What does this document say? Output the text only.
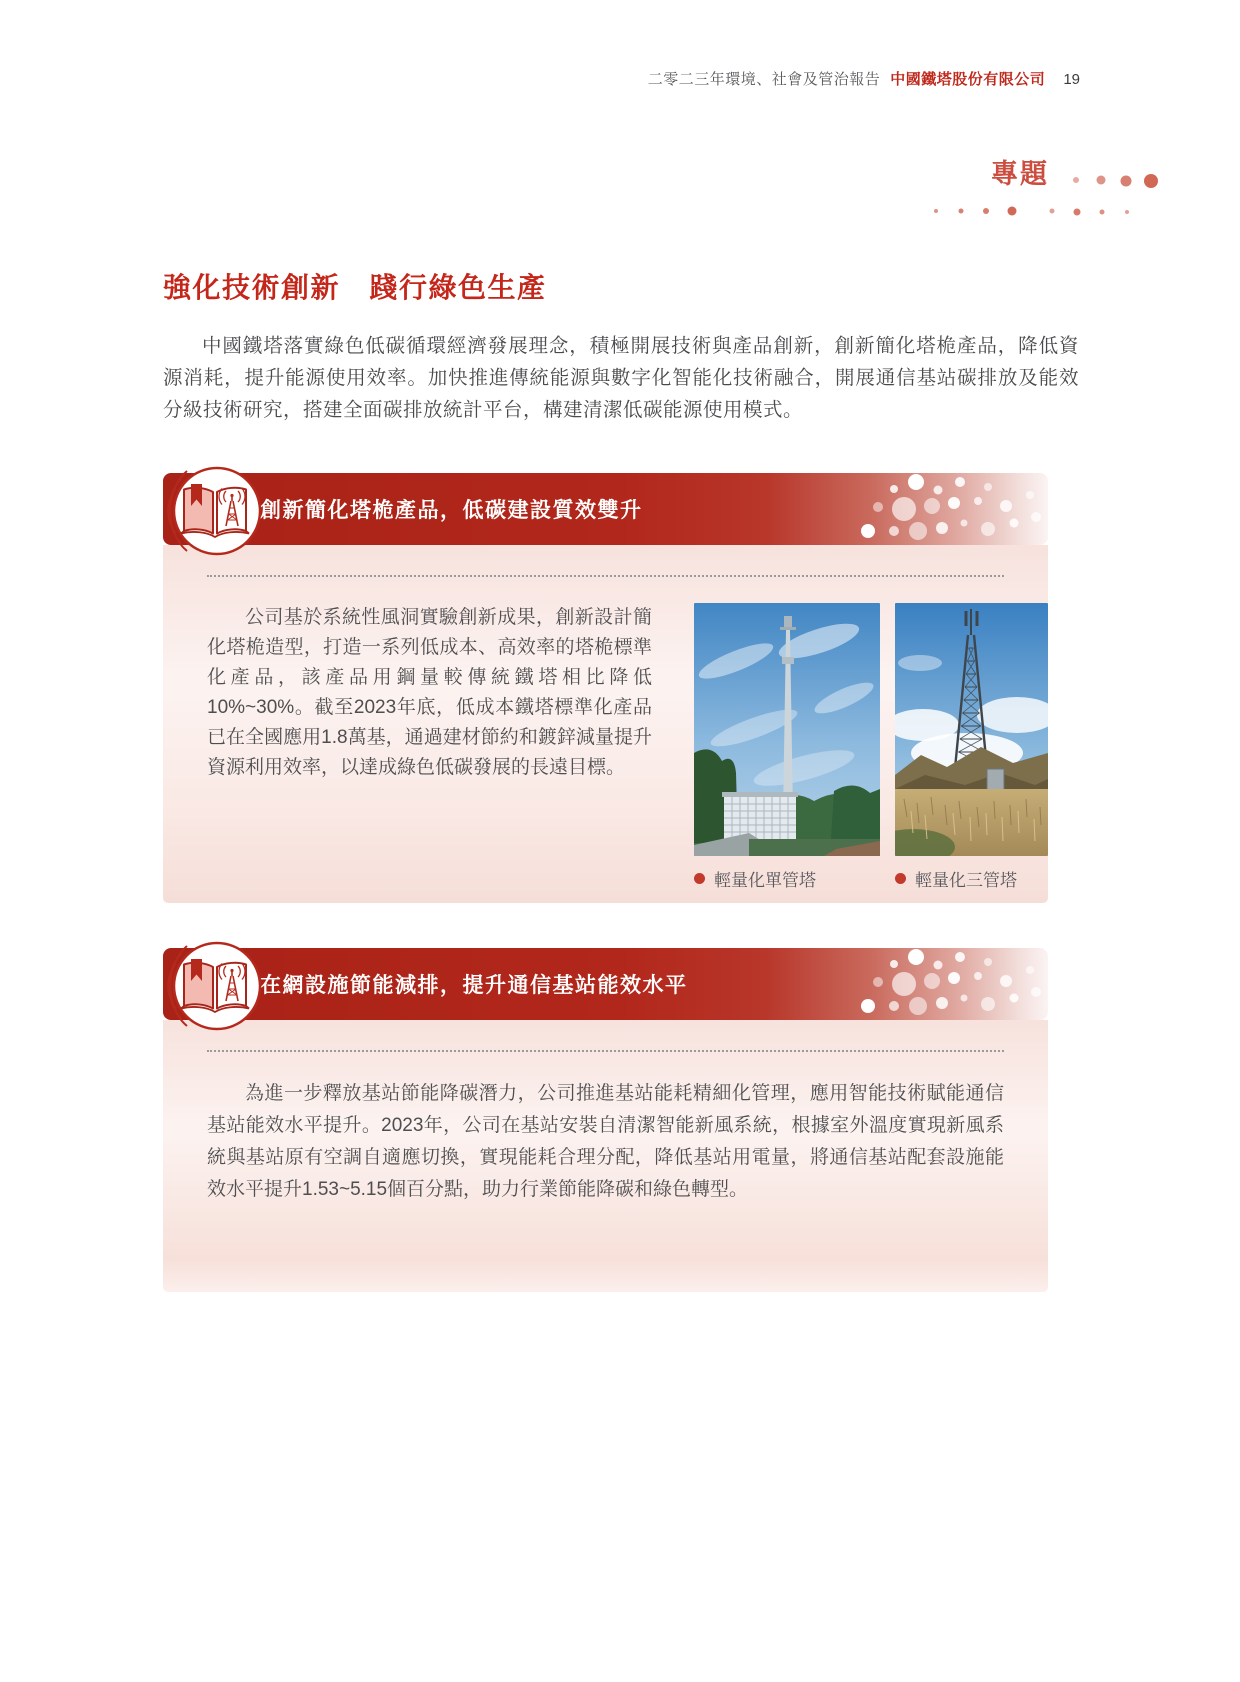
二零二三年環境、社會及管治報告 中國鐵塔股份有限公司 19
專題
強化技術創新　踐行綠色生產

中國鐵塔落實綠色低碳循環經濟發展理念，積極開展技術與產品創新，創新簡化塔桅產品，降低資源消耗，提升能源使用效率。加快推進傳統能源與數字化智能化技術融合，開展通信基站碳排放及能效分級技術研究，搭建全面碳排放統計平台，構建清潔低碳能源使用模式。

創新簡化塔桅產品，低碳建設質效雙升

公司基於系統性風洞實驗創新成果，創新設計簡化塔桅造型，打造一系列低成本、高效率的塔桅標準化產品，該產品用鋼量較傳統鐵塔相比降低10%~30%。截至2023年底，低成本鐵塔標準化產品已在全國應用1.8萬基，通過建材節約和鍍鋅減量提升資源利用效率，以達成綠色低碳發展的長遠目標。

輕量化單管塔	輕量化三管塔
在網設施節能減排，提升通信基站能效水平

為進一步釋放基站節能降碳潛力，公司推進基站能耗精細化管理，應用智能技術賦能通信基站能效水平提升。2023年，公司在基站安裝自清潔智能新風系統，根據室外溫度實現新風系統與基站原有空調自適應切換，實現能耗合理分配，降低基站用電量，將通信基站配套設施能效水平提升1.53~5.15個百分點，助力行業節能降碳和綠色轉型。
